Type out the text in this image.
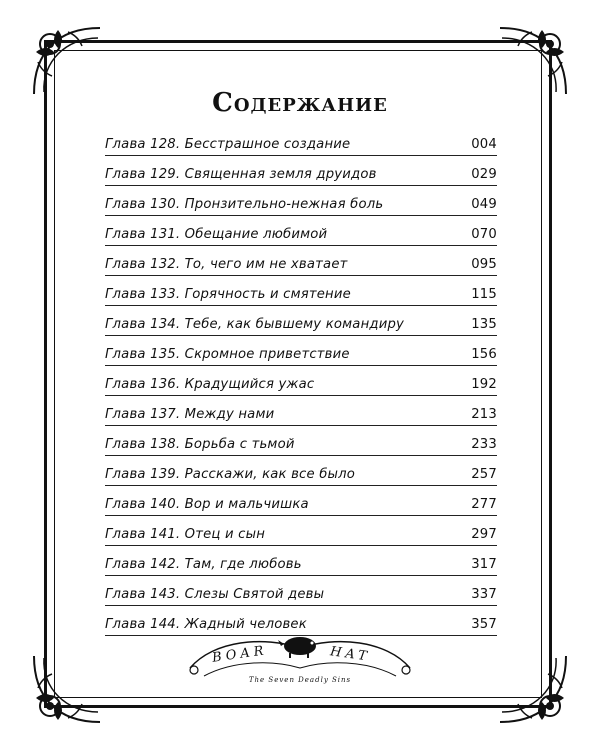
Содержание
Глава 128. Бесстрашное создание	004
Глава 129. Священная земля друидов	029
Глава 130. Пронзительно-нежная боль	049
Глава 131. Обещание любимой	070
Глава 132. То, чего им не хватает	095
Глава 133. Горячность и смятение	115
Глава 134. Тебе, как бывшему командиру	135
Глава 135. Скромное приветствие	156
Глава 136. Крадущийся ужас	192
Глава 137. Между нами	213
Глава 138. Борьба с тьмой	233
Глава 139. Расскажи, как все было	257
Глава 140. Вор и мальчишка	277
Глава 141. Отец и сын	297
Глава 142. Там, где любовь	317
Глава 143. Слезы Святой девы	337
Глава 144. Жадный человек	357
BOAR	HAT
The Seven Deadly Sins
